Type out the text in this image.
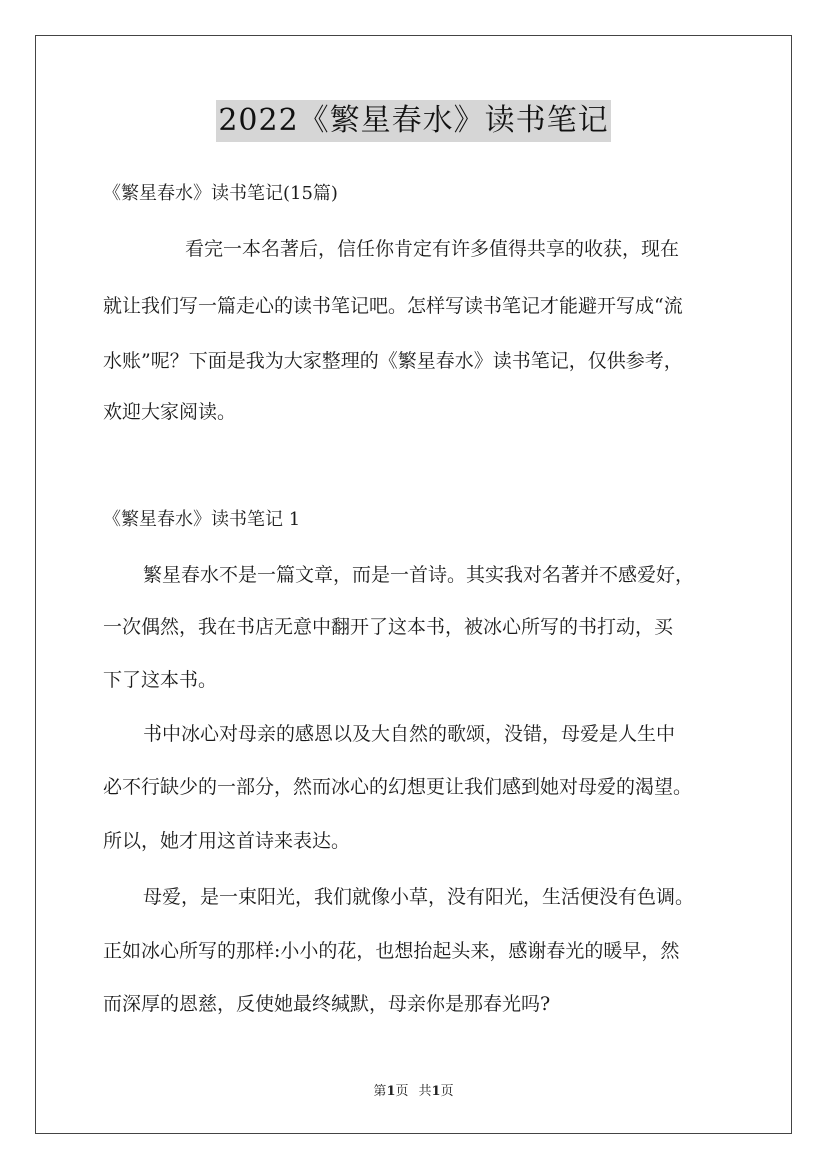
2022《繁星春水》读书笔记
《繁星春水》读书笔记(15篇)
看完一本名著后，信任你肯定有许多值得共享的收获，现在
就让我们写一篇走心的读书笔记吧。怎样写读书笔记才能避开写成“流
水账”呢？下面是我为大家整理的《繁星春水》读书笔记，仅供参考，
欢迎大家阅读。
《繁星春水》读书笔记 1
繁星春水不是一篇文章，而是一首诗。其实我对名著并不感爱好，
一次偶然，我在书店无意中翻开了这本书，被冰心所写的书打动，买
下了这本书。
书中冰心对母亲的感恩以及大自然的歌颂，没错，母爱是人生中
必不行缺少的一部分，然而冰心的幻想更让我们感到她对母爱的渴望。
所以，她才用这首诗来表达。
母爱，是一束阳光，我们就像小草，没有阳光，生活便没有色调。
正如冰心所写的那样:小小的花，也想抬起头来，感谢春光的暖早，然
而深厚的恩慈，反使她最终缄默，母亲你是那春光吗?
第1页 共1页
